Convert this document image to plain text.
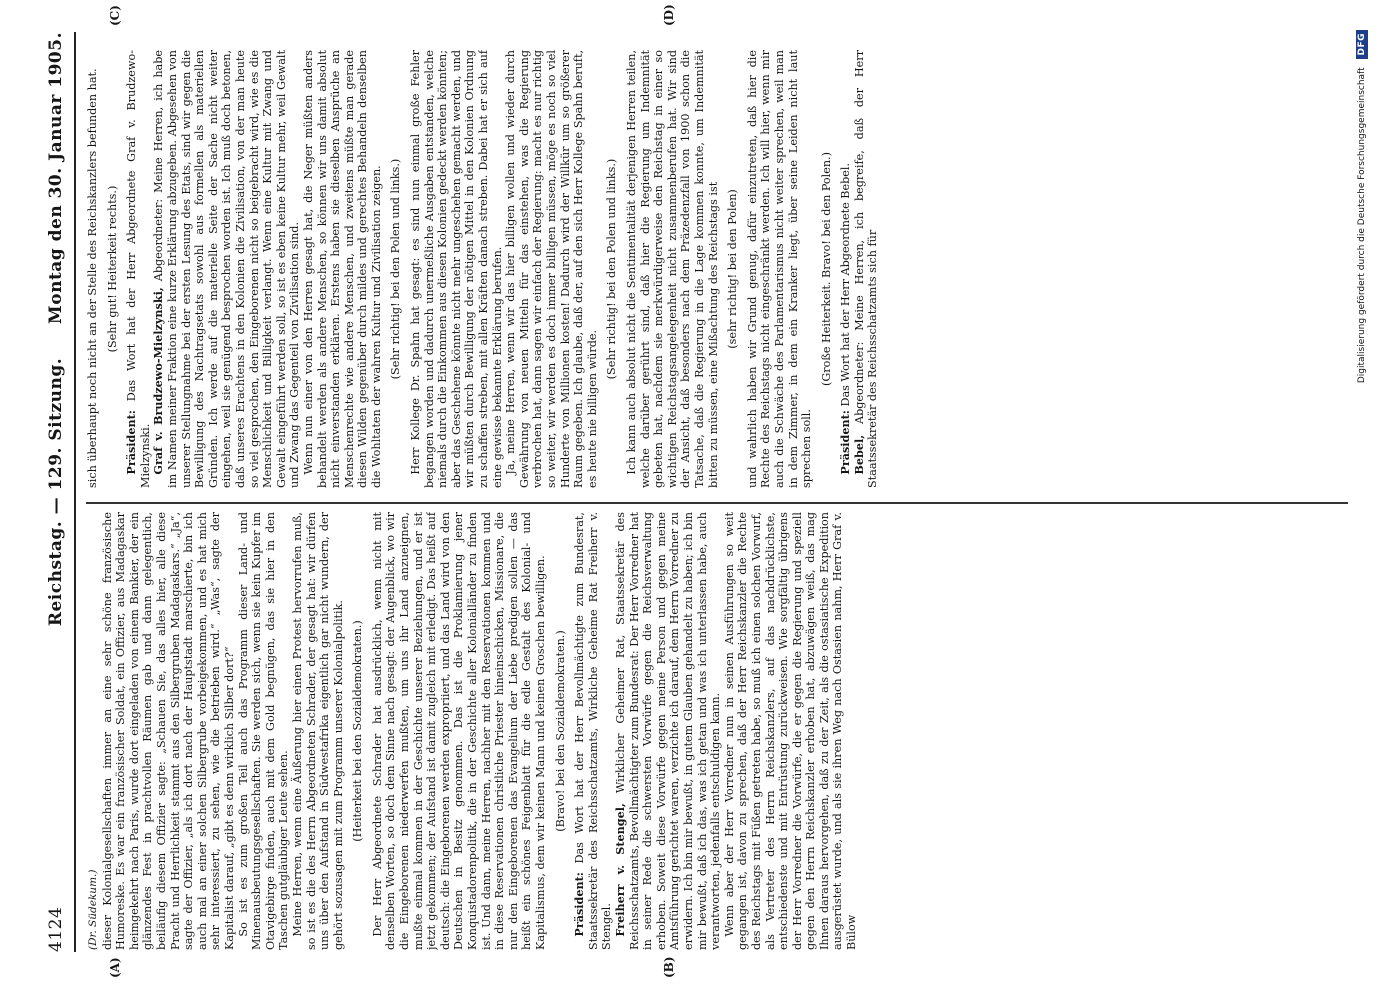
4124
Reichstag. — 129. Sitzung.
Montag den 30. Januar 1905.
(A)	(B)
(C)	(D)

(Dr. Südekum.) dieser Kolonialgesellschaften immer an eine sehr schöne französische Humoreske. Es war ein französischer Soldat, ein Offizier, aus Madagaskar heimgekehrt nach Paris, wurde dort eingeladen von einem Bankier, der ein glänzendes Fest in prachtvollen Räumen gab und dann gelegentlich, beiläufig diesem Offizier sagte: „Schauen Sie, das alles hier, alle diese Pracht und Herrlichkeit stammt aus den Silbergruben Madagaskars.“ „Ja“, sagte der Offizier, „als ich dort nach der Hauptstadt marschierte, bin ich auch mal an einer solchen Silbergrube vorbeigekommen, und es hat mich sehr interessiert, zu sehen, wie die betrieben wird.“ „Was“, sagte der Kapitalist darauf, „gibt es denn wirklich Silber dort?“ So ist es zum großen Teil auch das Programm dieser Land- und Minenausbeutungsgesellschaften. Sie werden sich, wenn sie kein Kupfer im Otavigebirge finden, auch mit dem Gold begnügen, das sie hier in den Taschen gutgläubiger Leute sehen. Meine Herren, wenn eine Äußerung hier einen Protest hervorrufen muß, so ist es die des Herrn Abgeordneten Schrader, der gesagt hat: wir dürfen uns über den Aufstand in Südwestafrika eigentlich gar nicht wundern, der gehört sozusagen mit zum Programm unserer Kolonialpolitik. (Heiterkeit bei den Sozialdemokraten.) Der Herr Abgeordnete Schrader hat ausdrücklich, wenn nicht mit denselben Worten, so doch dem Sinne nach gesagt: der Augenblick, wo wir die Eingeborenen niederwerfen mußten, um uns ihr Land anzueignen, mußte einmal kommen in der Geschichte unserer Beziehungen, und er ist jetzt gekommen; der Aufstand ist damit zugleich mit erledigt. Das heißt auf deutsch: die Eingeborenen werden expropriiert, und das Land wird von den Deutschen in Besitz genommen. Das ist die Proklamierung jener Konquistadorenpolitik, die in der Geschichte aller Kolonialländer zu finden ist. Und dann, meine Herren, nachher mit den Reservationen kommen und in diese Reservationen christliche Priester hineinschicken, Missionare, die nur den Eingeborenen das Evangelium der Liebe predigen sollen — das heißt ein schönes Feigenblatt für die edle Gestalt des Kolonial- und Kapitalismus, dem wir keinen Mann und keinen Groschen bewilligen. (Bravo! bei den Sozialdemokraten.)

Präsident: Das Wort hat der Herr Bevollmächtigte zum Bundesrat, Staatssekretär des Reichsschatzamts, Wirkliche Geheime Rat Freiherr v. Stengel. Freiherr v. Stengel, Wirklicher Geheimer Rat, Staatssekretär des Reichsschatzamts, Bevollmächtigter zum Bundesrat: Der Herr Vorredner hat in seiner Rede die schwersten Vorwürfe gegen die Reichsverwaltung erhoben. Soweit diese Vorwürfe gegen meine Person und gegen meine Amtsführung gerichtet waren, verzichte ich darauf, dem Herrn Vorredner zu erwidern. Ich bin mir bewußt, in gutem Glauben gehandelt zu haben; ich bin mir bewußt, daß ich das, was ich getan und was ich unterlassen habe, auch verantworten, jedenfalls entschuldigen kann. Wenn aber der Herr Vorredner nun in seinen Ausführungen so weit gegangen ist, davon zu sprechen, daß der Herr Reichskanzler die Rechte des Reichstags mit Füßen getreten habe, so muß ich einen solchen Vorwurf, als Vertreter des Herrn Reichskanzlers, auf das nachdrücklichste, entschiedenste und mit Entrüstung zurückweisen. Wie sorgfältig übrigens der Herr Vorredner die Vorwürfe, die er gegen die Regierung und speziell gegen den Herrn Reichskanzler erhoben hat, abzuwägen weiß, das mag Ihnen daraus hervorgehen, daß zu der Zeit, als die ostasiatische Expedition ausgerüstet wurde, und als sie ihren Weg nach Ostasien nahm, Herr Graf v. Bülow

sich überhaupt noch nicht an der Stelle des Reichskanzlers befunden hat. (Sehr gut! Heiterkeit rechts.)

Präsident: Das Wort hat der Herr Abgeordnete Graf v. Brudzewo-Mielzynski. Graf v. Brudzewo-Mielzynski, Abgeordneter: Meine Herren, ich habe im Namen meiner Fraktion eine kurze Erklärung abzugeben. Abgesehen von unserer Stellungnahme bei der ersten Lesung des Etats, sind wir gegen die Bewilligung des Nachtragsetats sowohl aus formellen als materiellen Gründen. Ich werde auf die materielle Seite der Sache nicht weiter eingehen, weil sie genügend besprochen worden ist. Ich muß doch betonen, daß unseres Erachtens in den Kolonien die Zivilisation, von der man heute so viel gesprochen, den Eingeborenen nicht so beigebracht wird, wie es die Menschlichkeit und Billigkeit verlangt. Wenn eine Kultur mit Zwang und Gewalt eingeführt werden soll, so ist es eben keine Kultur mehr, weil Gewalt und Zwang das Gegenteil von Zivilisation sind. Wenn nun einer von den Herren gesagt hat, die Neger müßten anders behandelt werden als andere Menschen, so können wir uns damit absolut nicht einverstanden erklären. Erstens haben sie dieselben Ansprüche an Menschenrechte wie andere Menschen, und zweitens müßte man gerade diesen Wilden gegenüber durch mildes und gerechtes Behandeln denselben die Wohltaten der wahren Kultur und Zivilisation zeigen. (Sehr richtig! bei den Polen und links.) Herr Kollege Dr. Spahn hat gesagt: es sind nun einmal große Fehler begangen worden und dadurch unermeßliche Ausgaben entstanden, welche niemals durch die Einkommen aus diesen Kolonien gedeckt werden könnten; aber das Geschehene könnte nicht mehr ungeschehen gemacht werden, und wir müßten durch Bewilligung der nötigen Mittel in den Kolonien Ordnung zu schaffen streben, mit allen Kräften danach streben. Dabei hat er sich auf eine gewisse bekannte Erklärung berufen. Ja, meine Herren, wenn wir das hier billigen wollen und wieder durch Gewährung von neuen Mitteln für das einstehen, was die Regierung verbrochen hat, dann sagen wir einfach der Regierung: macht es nur richtig so weiter, wir werden es doch immer billigen müssen, möge es noch so viel Hunderte von Millionen kosten! Dadurch wird der Willkür um so größerer Raum gegeben. Ich glaube, daß der, auf den sich Herr Kollege Spahn beruft, es heute nie billigen würde.

(Sehr richtig! bei den Polen und links.) Ich kann auch absolut nicht die Sentimentalität derjenigen Herren teilen, welche darüber gerührt sind, daß hier die Regierung um Indemnität gebeten hat, nachdem sie merkwürdigerweise den Reichstag in einer so wichtigen Reichstagsangelegenheit nicht zusammenberufen hat. Wir sind der Ansicht, daß besonders nach dem Präzedenzfall von 1900 schon die Tatsache, daß die Regierung in die Lage kommen konnte, um Indemnität bitten zu müssen, eine Mißachtung des Reichstags ist (sehr richtig! bei den Polen) und wahrlich haben wir Grund genug, dafür einzutreten, daß hier die Rechte des Reichstags nicht eingeschränkt werden. Ich will hier, wenn mir auch die Schwäche des Parlamentarismus nicht weiter sprechen, weil man in dem Zimmer, in dem ein Kranker liegt, über seine Leiden nicht laut sprechen soll.

(Große Heiterkeit. Bravo! bei den Polen.)

Präsident: Das Wort hat der Herr Abgeordnete Bebel.

Bebel, Abgeordneter: Meine Herren, ich begreife, daß der Herr Staatssekretär des Reichsschatzamts sich für	Digitalisierung gefördert durch die Deutsche Forschungsgemeinschaft DFG
